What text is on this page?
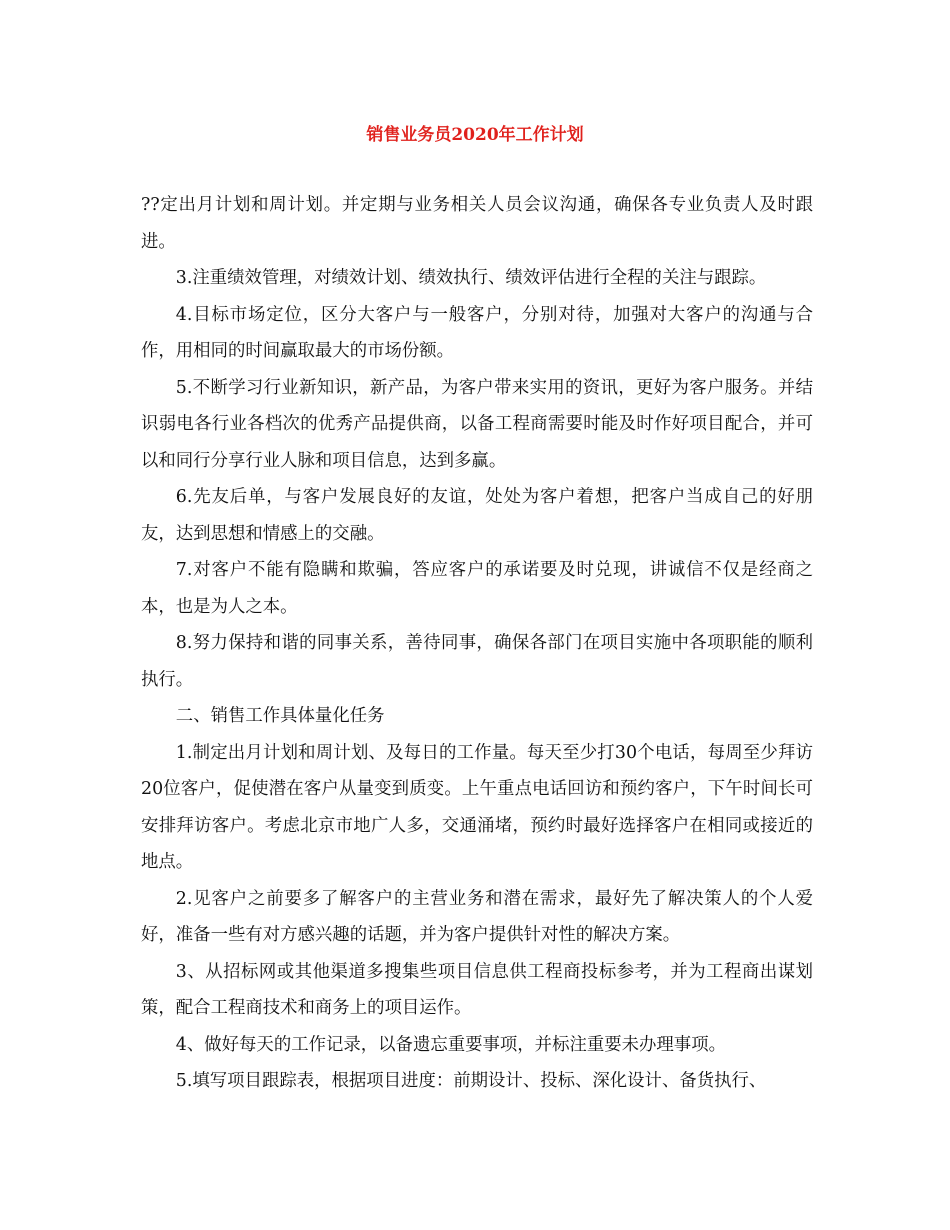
销售业务员2020年工作计划

??定出月计划和周计划。并定期与业务相关人员会议沟通，确保各专业负责人及时跟进。

3.注重绩效管理，对绩效计划、绩效执行、绩效评估进行全程的关注与跟踪。

4.目标市场定位，区分大客户与一般客户，分别对待，加强对大客户的沟通与合作，用相同的时间赢取最大的市场份额。

5.不断学习行业新知识，新产品，为客户带来实用的资讯，更好为客户服务。并结识弱电各行业各档次的优秀产品提供商，以备工程商需要时能及时作好项目配合，并可以和同行分享行业人脉和项目信息，达到多赢。

6.先友后单，与客户发展良好的友谊，处处为客户着想，把客户当成自己的好朋友，达到思想和情感上的交融。

7.对客户不能有隐瞒和欺骗，答应客户的承诺要及时兑现，讲诚信不仅是经商之本，也是为人之本。

8.努力保持和谐的同事关系，善待同事，确保各部门在项目实施中各项职能的顺利执行。

二、销售工作具体量化任务

1.制定出月计划和周计划、及每日的工作量。每天至少打30个电话，每周至少拜访20位客户，促使潜在客户从量变到质变。上午重点电话回访和预约客户，下午时间长可安排拜访客户。考虑北京市地广人多，交通涌堵，预约时最好选择客户在相同或接近的地点。

2.见客户之前要多了解客户的主营业务和潜在需求，最好先了解决策人的个人爱好，准备一些有对方感兴趣的话题，并为客户提供针对性的解决方案。

3、从招标网或其他渠道多搜集些项目信息供工程商投标参考，并为工程商出谋划策，配合工程商技术和商务上的项目运作。

4、做好每天的工作记录，以备遗忘重要事项，并标注重要未办理事项。

5.填写项目跟踪表，根据项目进度：前期设计、投标、深化设计、备货执行、
